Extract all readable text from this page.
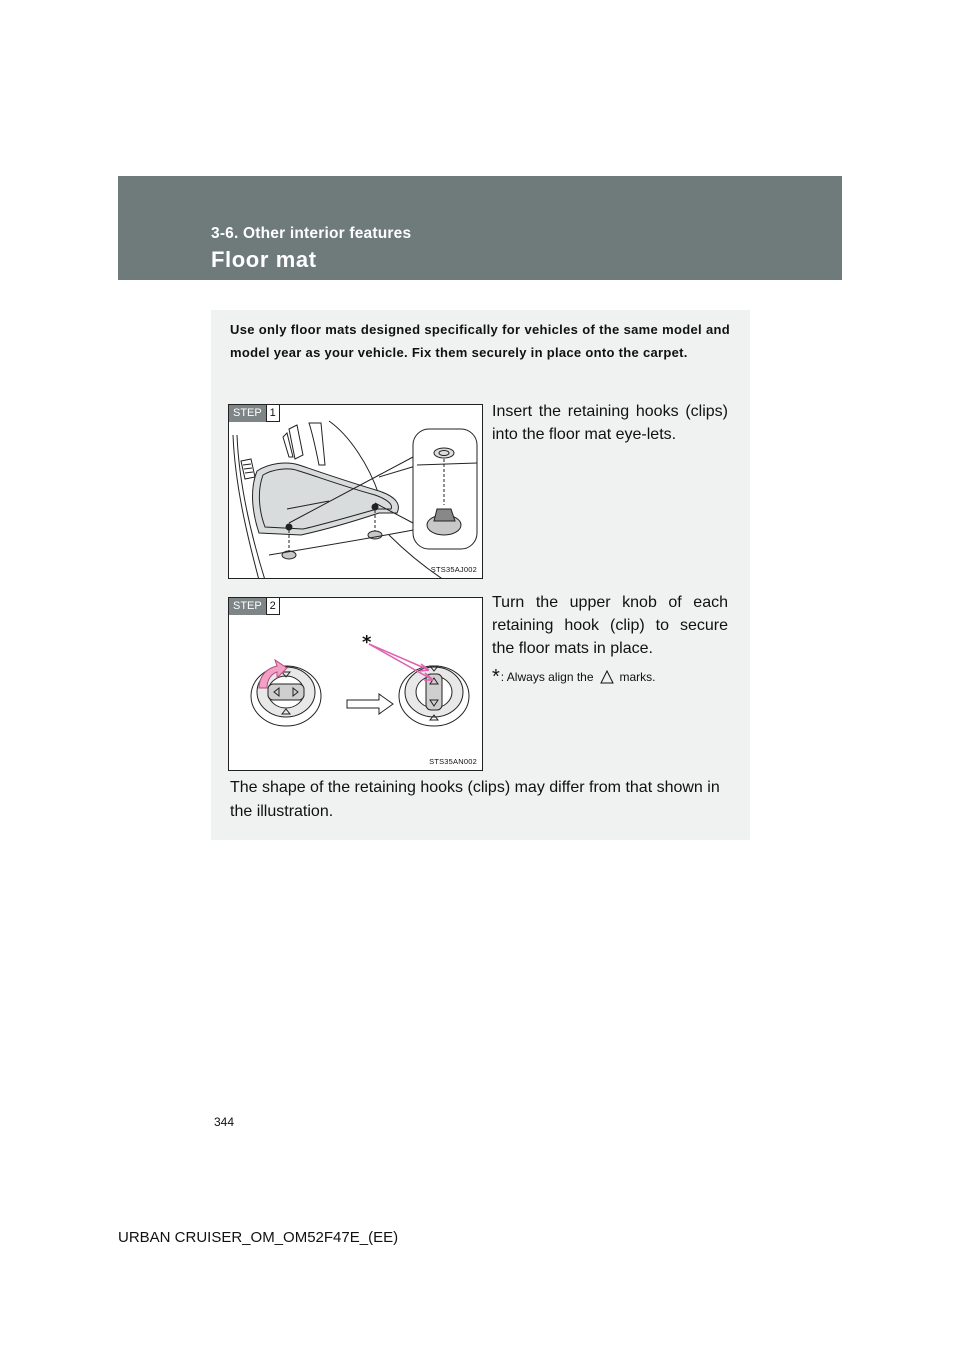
3-6. Other interior features
Floor mat
Use only floor mats designed specifically for vehicles of the same model and model year as your vehicle. Fix them securely in place onto the carpet.
STEP 1
STS35AJ002
Insert the retaining hooks (clips) into the floor mat eye-lets.
STEP 2
*
STS35AN002
Turn the upper knob of each retaining hook (clip) to secure the floor mats in place.
* : Always align the marks.
The shape of the retaining hooks (clips) may differ from that shown in the illustration.
344
URBAN CRUISER_OM_OM52F47E_(EE)
